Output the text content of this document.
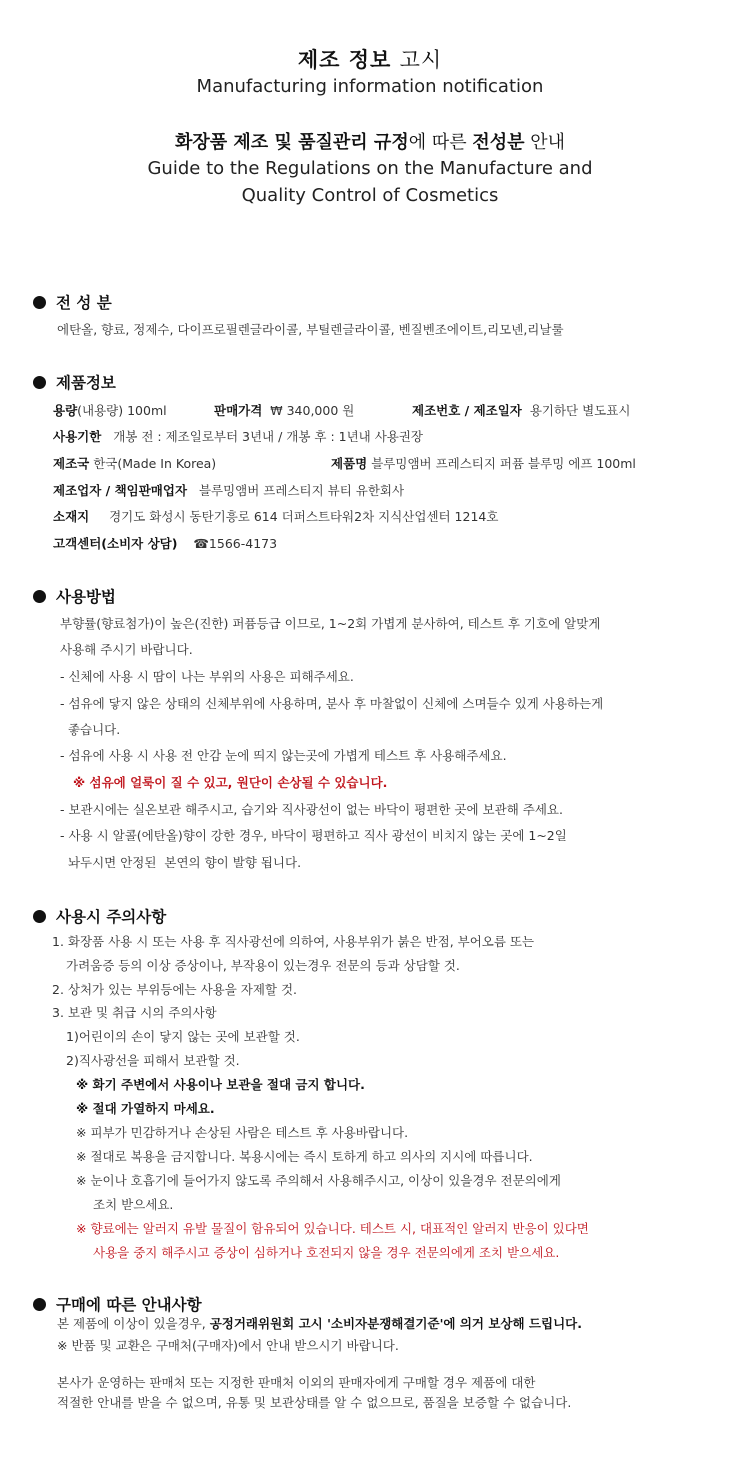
제조 정보 고시
Manufacturing information notification
화장품 제조 및 품질관리 규정에 따른 전성분 안내
Guide to the Regulations on the Manufacture and
Quality Control of Cosmetics
전 성 분
에탄올, 향료, 정제수, 다이프로필렌글라이콜, 부틸렌글라이콜, 벤질벤조에이트,리모넨,리날룰
제품정보
용량(내용량) 100ml	판매가격 ₩ 340,000 원	제조번호 / 제조일자 용기하단 별도표시
사용기한 개봉 전 : 제조일로부터 3년내 / 개봉 후 : 1년내 사용권장
제조국 한국(Made In Korea)	제품명 블루밍앰버 프레스티지 퍼퓸 블루밍 에프 100ml
제조업자 / 책임판매업자 블루밍앰버 프레스티지 뷰티 유한회사
소재지 경기도 화성시 동탄기흥로 614 더퍼스트타워2차 지식산업센터 1214호
고객센터(소비자 상담) ☎1566-4173
사용방법
부향률(향료첨가)이 높은(진한) 퍼퓸등급 이므로, 1~2회 가볍게 분사하여, 테스트 후 기호에 알맞게
사용해 주시기 바랍니다.
- 신체에 사용 시 땀이 나는 부위의 사용은 피해주세요.
- 섬유에 닿지 않은 상태의 신체부위에 사용하며, 분사 후 마찰없이 신체에 스며들수 있게 사용하는게
좋습니다.
- 섬유에 사용 시 사용 전 안감 눈에 띄지 않는곳에 가볍게 테스트 후 사용해주세요.
※ 섬유에 얼룩이 질 수 있고, 원단이 손상될 수 있습니다.
- 보관시에는 실온보관 해주시고, 습기와 직사광선이 없는 바닥이 평편한 곳에 보관해 주세요.
- 사용 시 알콜(에탄올)향이 강한 경우, 바닥이 평편하고 직사 광선이 비치지 않는 곳에 1~2일
놔두시면 안정된  본연의 향이 발향 됩니다.
사용시 주의사항
1. 화장품 사용 시 또는 사용 후 직사광선에 의하여, 사용부위가 붉은 반점, 부어오름 또는
가려움증 등의 이상 증상이나, 부작용이 있는경우 전문의 등과 상담할 것.
2. 상처가 있는 부위등에는 사용을 자제할 것.
3. 보관 및 취급 시의 주의사항
1)어린이의 손이 닿지 않는 곳에 보관할 것.
2)직사광선을 피해서 보관할 것.
※ 화기 주변에서 사용이나 보관을 절대 금지 합니다.
※ 절대 가열하지 마세요.
※ 피부가 민감하거나 손상된 사람은 테스트 후 사용바랍니다.
※ 절대로 복용을 금지합니다. 복용시에는 즉시 토하게 하고 의사의 지시에 따릅니다.
※ 눈이나 호흡기에 들어가지 않도록 주의해서 사용해주시고, 이상이 있을경우 전문의에게
조치 받으세요.
※ 향료에는 알러지 유발 물질이 함유되어 있습니다. 테스트 시, 대표적인 알러지 반응이 있다면
사용을 중지 해주시고 증상이 심하거나 호전되지 않을 경우 전문의에게 조치 받으세요.
구매에 따른 안내사항
본 제품에 이상이 있을경우, 공정거래위원회 고시 '소비자분쟁해결기준'에 의거 보상해 드립니다.
※ 반품 및 교환은 구매처(구매자)에서 안내 받으시기 바랍니다.
본사가 운영하는 판매처 또는 지정한 판매처 이외의 판매자에게 구매할 경우 제품에 대한
적절한 안내를 받을 수 없으며, 유통 및 보관상태를 알 수 없으므로, 품질을 보증할 수 없습니다.
